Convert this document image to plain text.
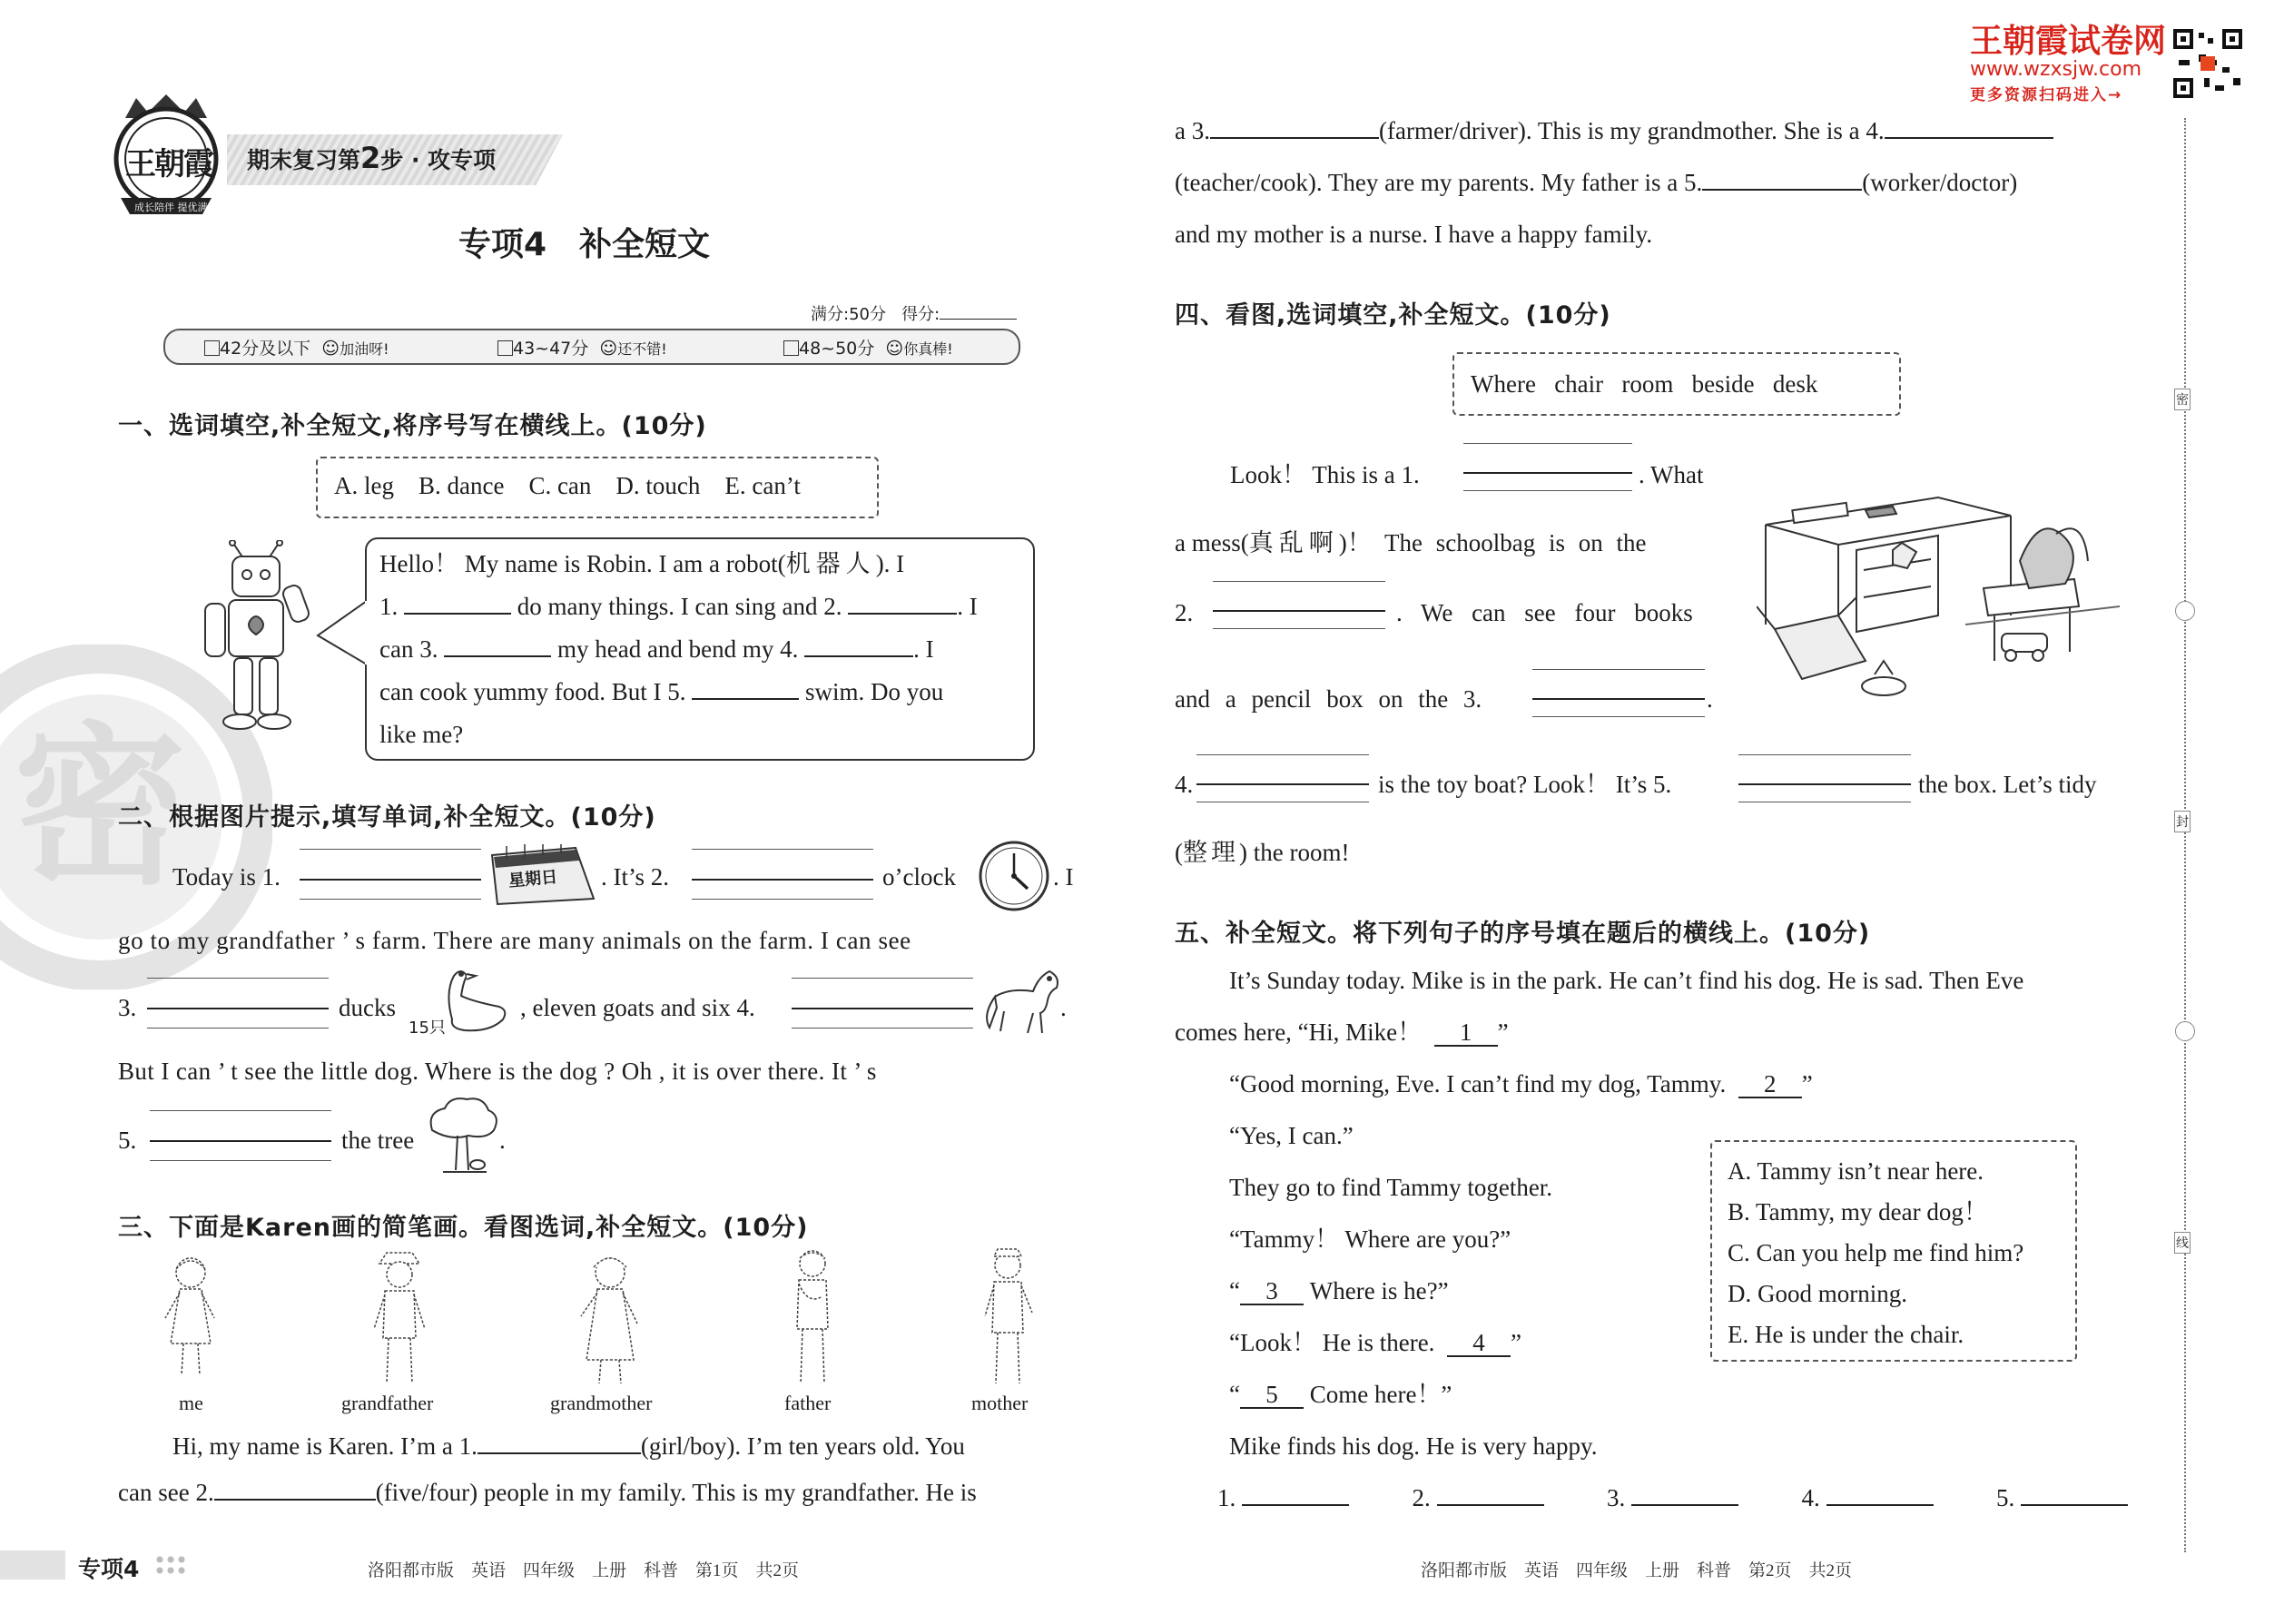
密
王朝霞
成长陪伴 提优满分
期末复习第2步 · 攻专项
专项4　补全短文
满分:50分 得分:
42分及以下 ☺加油呀!	43~47分 ☺还不错!	48~50分 ☺你真棒!
一、选词填空,补全短文,将序号写在横线上。(10分)
A. leg　B. dance　C. can　D. touch　E. can’t
Hello！ My name is Robin. I am a robot(机器人). I
1.	do many things. I can sing and 2.	. I
can 3.	my head and bend my 4.	. I
can cook yummy food. But I 5.	swim. Do you
like me?
二、根据图片提示,填写单词,补全短文。(10分)
Today is 1.	星期日 . It’s 2.	o’clock	. I
go to my grandfather ’ s farm. There are many animals on the farm. I can see
3.	ducks
15只
, eleven goats and six 4.	.
But I can ’ t see the little dog. Where is the dog ? Oh , it is over there. It ’ s
5.	the tree	.
三、下面是Karen画的简笔画。看图选词,补全短文。(10分)
me	grandfather	grandmother	father	mother
Hi, my name is Karen. I’m a 1.	(girl/boy). I’m ten years old. You
can see 2.	(five/four) people in my family. This is my grandfather. He is
专项4	洛阳都市版　英语　四年级　上册　科普　第1页　共2页
王朝霞试卷网
www.wzxsjw.com
更多资源扫码进入→
密
封
线
a 3.	(farmer/driver). This is my grandmother. She is a 4.
(teacher/cook). They are my parents. My father is a 5.	(worker/doctor)
and my mother is a nurse. I have a happy family.
四、看图,选词填空,补全短文。(10分)
Where chair room beside desk
Look！ This is a 1.	. What
a mess(真乱啊)！ The schoolbag is on the
2.	. We can see four books
and a pencil box on the 3.	.
4.	is the toy boat? Look！ It’s 5.	the box. Let’s tidy
(整理) the room!
五、补全短文。将下列句子的序号填在题后的横线上。(10分)
It’s Sunday today. Mike is in the park. He can’t find his dog. He is sad. Then Eve
comes here, “Hi, Mike！ 1 ”
“Good morning, Eve. I can’t find my dog, Tammy. 2 ”
“Yes, I can.”
They go to find Tammy together.
“Tammy！ Where are you?”
“ 3 Where is he?”
“Look！ He is there. 4 ”
“ 5 Come here！”
Mike finds his dog. He is very happy.
A. Tammy isn’t near here.
B. Tammy, my dear dog！
C. Can you help me find him?
D. Good morning.
E. He is under the chair.
1.	2.	3.	4.	5.
洛阳都市版　英语　四年级　上册　科普　第2页　共2页
